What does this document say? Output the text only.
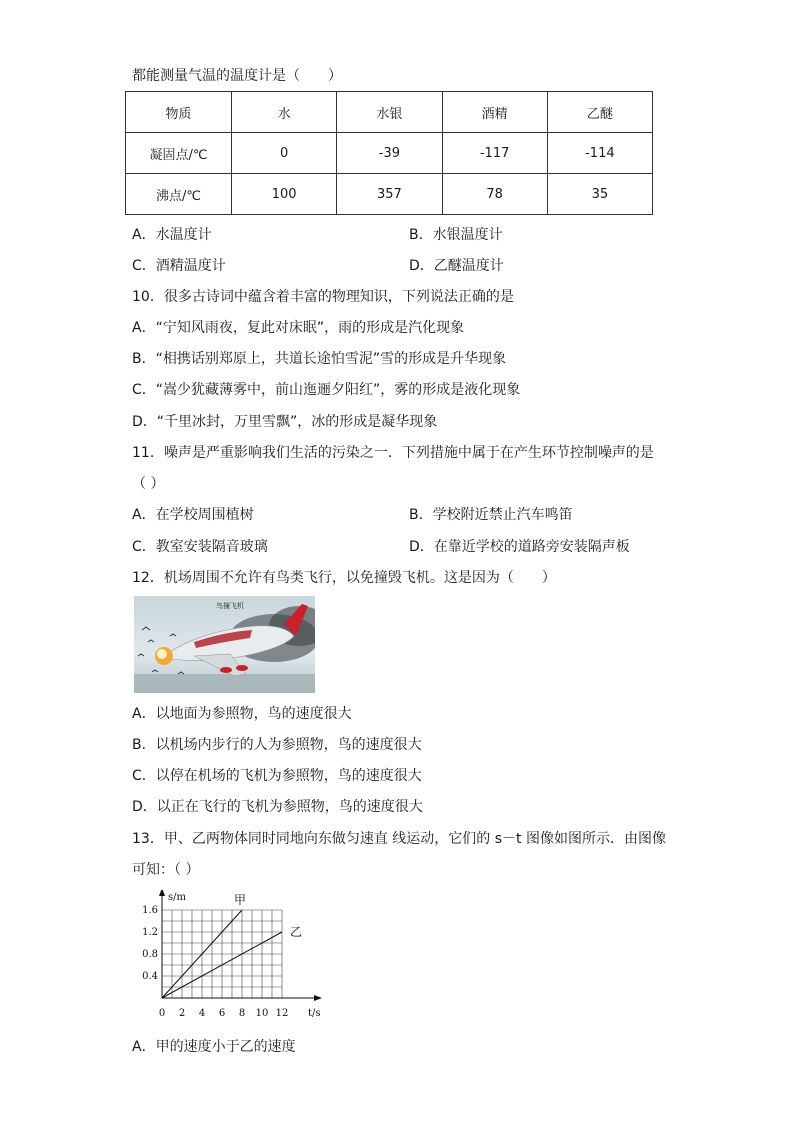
都能测量气温的温度计是（　　）
物质	水	水银	酒精	乙醚
凝固点/℃	0	-39	-117	-114
沸点/℃	100	357	78	35
A．水温度计	B．水银温度计
C．酒精温度计	D．乙醚温度计
10．很多古诗词中蕴含着丰富的物理知识，下列说法正确的是
A．“宁知风雨夜，复此对床眠”，雨的形成是汽化现象
B．“相携话别郑原上，共道长途怕雪泥”雪的形成是升华现象
C．“嵩少犹藏薄雾中，前山迤逦夕阳红”，雾的形成是液化现象
D．“千里冰封，万里雪飘”，冰的形成是凝华现象
11．噪声是严重影响我们生活的污染之一．下列措施中属于在产生环节控制噪声的是
（ ）
A．在学校周围植树	B．学校附近禁止汽车鸣笛
C．教室安装隔音玻璃	D．在靠近学校的道路旁安装隔声板
12．机场周围不允许有鸟类飞行，以免撞毁飞机。这是因为（　　）
鸟撞飞机
A．以地面为参照物，鸟的速度很大
B．以机场内步行的人为参照物，鸟的速度很大
C．以停在机场的飞机为参照物，鸟的速度很大
D．以正在飞行的飞机为参照物，鸟的速度很大
13．甲、乙两物体同时同地向东做匀速直 线运动，它们的 s－t 图像如图所示．由图像
可知：（ ）
0 2 4 6 8 10 12
0.4
0.8
1.2
1.6
t/s
s/m	甲
乙
A．甲的速度小于乙的速度
